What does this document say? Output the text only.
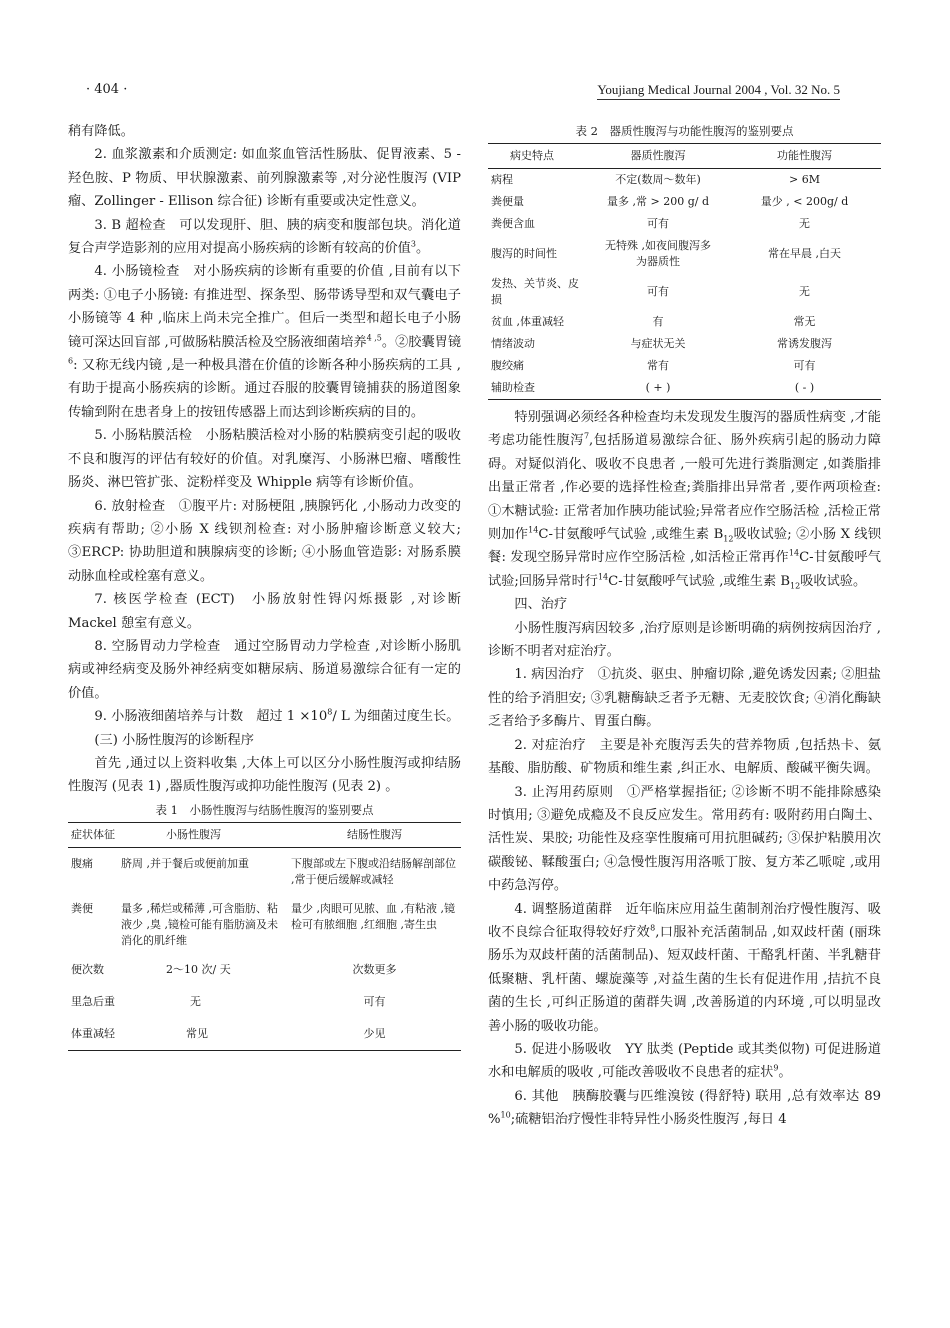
· 404 ·	Youjiang Medical Journal 2004 , Vol. 32 No. 5

稍有降低。

2. 血浆激素和介质测定: 如血浆血管活性肠肽、促胃液素、5 - 羟色胺、P 物质、甲状腺激素、前列腺激素等 ,对分泌性腹泻 (VIP 瘤、Zollinger - Ellison 综合征) 诊断有重要或决定性意义。

3. B 超检查　可以发现肝、胆、胰的病变和腹部包块。消化道复合声学造影剂的应用对提高小肠疾病的诊断有较高的价值$^3$。

4. 小肠镜检查　对小肠疾病的诊断有重要的价值 ,目前有以下两类: ①电子小肠镜: 有推进型、探条型、肠带诱导型和双气囊电子小肠镜等 4 种 ,临床上尚未完全推广。但后一类型和超长电子小肠镜可深达回盲部 ,可做肠粘膜活检及空肠液细菌培养$^{4 ,5}$。②胶囊胃镜$^6$: 又称无线内镜 ,是一种极具潜在价值的诊断各种小肠疾病的工具 ,有助于提高小肠疾病的诊断。通过吞服的胶囊胃镜捕获的肠道图象传输到附在患者身上的按钮传感器上而达到诊断疾病的目的。

5. 小肠粘膜活检　小肠粘膜活检对小肠的粘膜病变引起的吸收不良和腹泻的评估有较好的价值。对乳糜泻、小肠淋巴瘤、嗜酸性肠炎、淋巴管扩张、淀粉样变及 Whipple 病等有诊断价值。

6. 放射检查　①腹平片: 对肠梗阻 ,胰腺钙化 ,小肠动力改变的疾病有帮助; ②小肠 X 线钡剂检查: 对小肠肿瘤诊断意义较大; ③ERCP: 协助胆道和胰腺病变的诊断; ④小肠血管造影: 对肠系膜动脉血栓或栓塞有意义。

7. 核医学检查 (ECT)　小肠放射性锝闪烁摄影 ,对诊断 Mackel 憩室有意义。

8. 空肠胃动力学检查　通过空肠胃动力学检查 ,对诊断小肠肌病或神经病变及肠外神经病变如糖尿病、肠道易激综合征有一定的价值。

9. 小肠液细菌培养与计数　超过 $1 \times 10^8/$ L 为细菌过度生长。

(三) 小肠性腹泻的诊断程序

首先 ,通过以上资料收集 ,大体上可以区分小肠性腹泻或抑结肠性腹泻 (见表 1) ,器质性腹泻或抑功能性腹泻 (见表 2) 。

表 1　小肠性腹泻与结肠性腹泻的鉴别要点
症状体征	小肠性腹泻	结肠性腹泻
腹痛	脐周 ,并于餐后或便前加重	下腹部或左下腹或沿结肠解剖部位 ,常于便后缓解或减轻
粪便	量多 ,稀烂或稀薄 ,可含脂肪、粘液少 ,臭 ,镜检可能有脂肪滴及未消化的肌纤维	量少 ,肉眼可见脓、血 ,有粘液 ,镜检可有脓细胞 ,红细胞 ,寄生虫
便次数	2～10 次/ 天	次数更多
里急后重	无	可有
体重减轻	常见	少见
表 2　器质性腹泻与功能性腹泻的鉴别要点
病史特点	器质性腹泻	功能性腹泻
病程	不定(数周～数年)	> 6M
粪便量	量多 ,常 > 200 g/ d	量少 , < 200g/ d
粪便含血	可有	无
腹泻的时间性	无特殊 ,如夜间腹泻多为器质性	常在早晨 ,白天
发热、关节炎、皮损	可有	无
贫血 ,体重减轻	有	常无
情绪波动	与症状无关	常诱发腹泻
腹绞痛	常有	可有
辅助检查	( + )	( - )

特别强调必须经各种检查均未发现发生腹泻的器质性病变 ,才能考虑功能性腹泻$^7$,包括肠道易激综合征、肠外疾病引起的肠动力障碍。对疑似消化、吸收不良患者 ,一般可先进行粪脂测定 ,如粪脂排出量正常者 ,作必要的选择性检查;粪脂排出异常者 ,要作两项检查: ①木糖试验: 正常者加作胰功能试验;异常者应作空肠活检 ,活检正常则加作$^{14}$C-甘氨酸呼气试验 ,或维生素 $B_{12}$吸收试验; ②小肠 X 线钡餐: 发现空肠异常时应作空肠活检 ,如活检正常再作$^{14}$C-甘氨酸呼气试验;回肠异常时行$^{14}$C-甘氨酸呼气试验 ,或维生素 $B_{12}$吸收试验。

四、治疗

小肠性腹泻病因较多 ,治疗原则是诊断明确的病例按病因治疗 ,诊断不明者对症治疗。

1. 病因治疗　①抗炎、驱虫、肿瘤切除 ,避免诱发因素; ②胆盐性的给予消胆安; ③乳糖酶缺乏者予无糖、无麦胶饮食; ④消化酶缺乏者给予多酶片、胃蛋白酶。

2. 对症治疗　主要是补充腹泻丢失的营养物质 ,包括热卡、氨基酸、脂肪酸、矿物质和维生素 ,纠正水、电解质、酸碱平衡失调。

3. 止泻用药原则　①严格掌握指征; ②诊断不明不能排除感染时慎用; ③避免成瘾及不良反应发生。常用药有: 吸附药用白陶土、活性炭、果胶; 功能性及痉挛性腹痛可用抗胆碱药; ③保护粘膜用次碳酸铋、鞣酸蛋白; ④急慢性腹泻用洛哌丁胺、复方苯乙哌啶 ,或用中药急泻停。

4. 调整肠道菌群　近年临床应用益生菌制剂治疗慢性腹泻、吸收不良综合征取得较好疗效$^8$,口服补充活菌制品 ,如双歧杆菌 (丽珠肠乐为双歧杆菌的活菌制品)、短双歧杆菌、干酪乳杆菌、半乳糖苷低聚糖、乳杆菌、螺旋藻等 ,对益生菌的生长有促进作用 ,拮抗不良菌的生长 ,可纠正肠道的菌群失调 ,改善肠道的内环境 ,可以明显改善小肠的吸收功能。

5. 促进小肠吸收　YY 肽类 (Peptide 或其类似物) 可促进肠道水和电解质的吸收 ,可能改善吸收不良患者的症状$^9$。

6. 其他　胰酶胶囊与匹维溴铵 (得舒特) 联用 ,总有效率达 89 %$^{10}$;硫糖铝治疗慢性非特异性小肠炎性腹泻 ,每日 4
